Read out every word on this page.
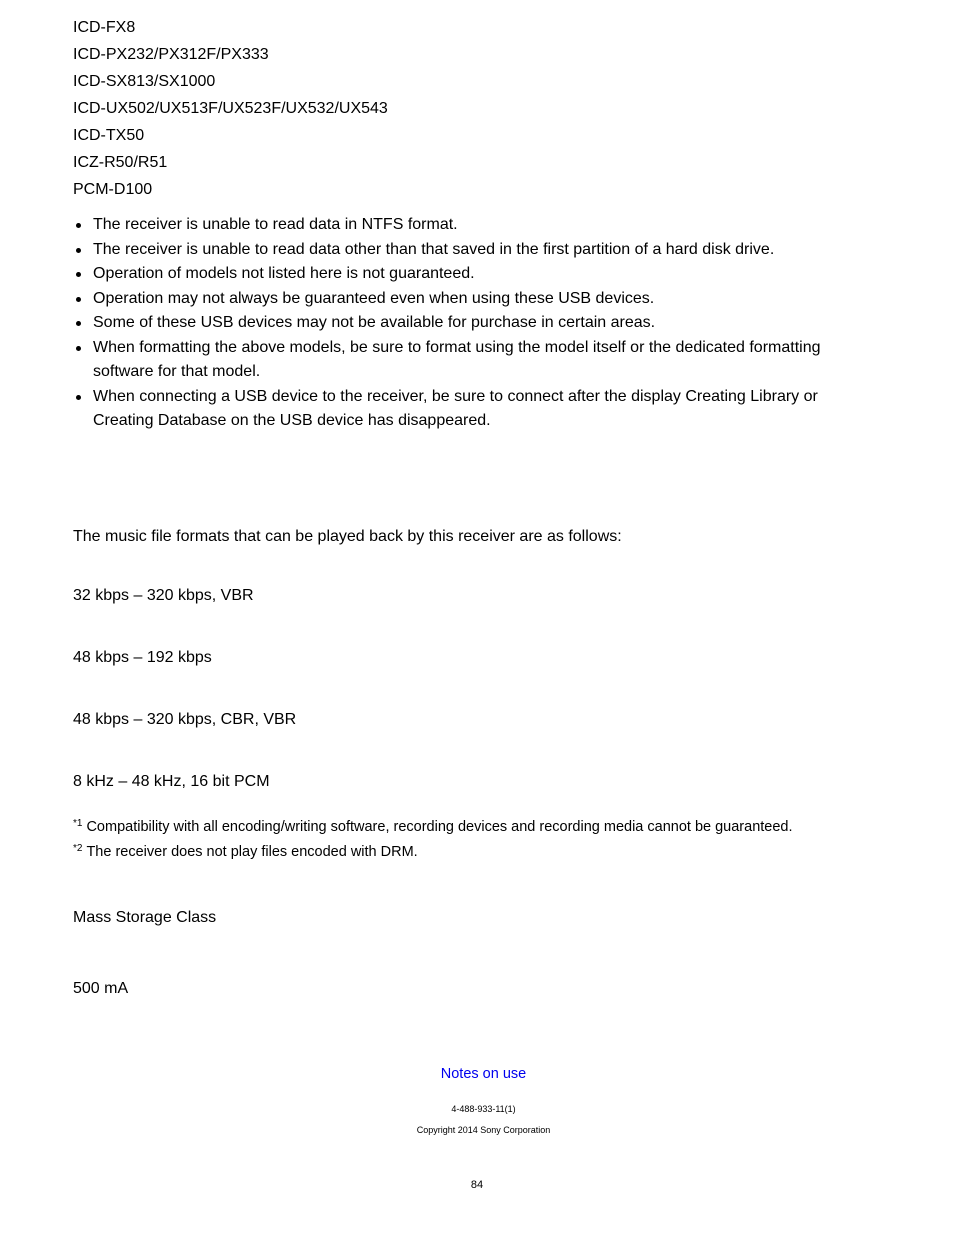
ICD-FX8
ICD-PX232/PX312F/PX333
ICD-SX813/SX1000
ICD-UX502/UX513F/UX523F/UX532/UX543
ICD-TX50
ICZ-R50/R51
PCM-D100
The receiver is unable to read data in NTFS format.
The receiver is unable to read data other than that saved in the first partition of a hard disk drive.
Operation of models not listed here is not guaranteed.
Operation may not always be guaranteed even when using these USB devices.
Some of these USB devices may not be available for purchase in certain areas.
When formatting the above models, be sure to format using the model itself or the dedicated formatting software for that model.
When connecting a USB device to the receiver, be sure to connect after the display Creating Library or Creating Database on the USB device has disappeared.
The music file formats that can be played back by this receiver are as follows:
32 kbps – 320 kbps, VBR
48 kbps – 192 kbps
48 kbps – 320 kbps, CBR, VBR
8 kHz – 48 kHz, 16 bit PCM
$^{*1}$ Compatibility with all encoding/writing software, recording devices and recording media cannot be guaranteed.
$^{*2}$ The receiver does not play files encoded with DRM.
Mass Storage Class
500 mA
Notes on use
4-488-933-11(1)
Copyright 2014 Sony Corporation
84
